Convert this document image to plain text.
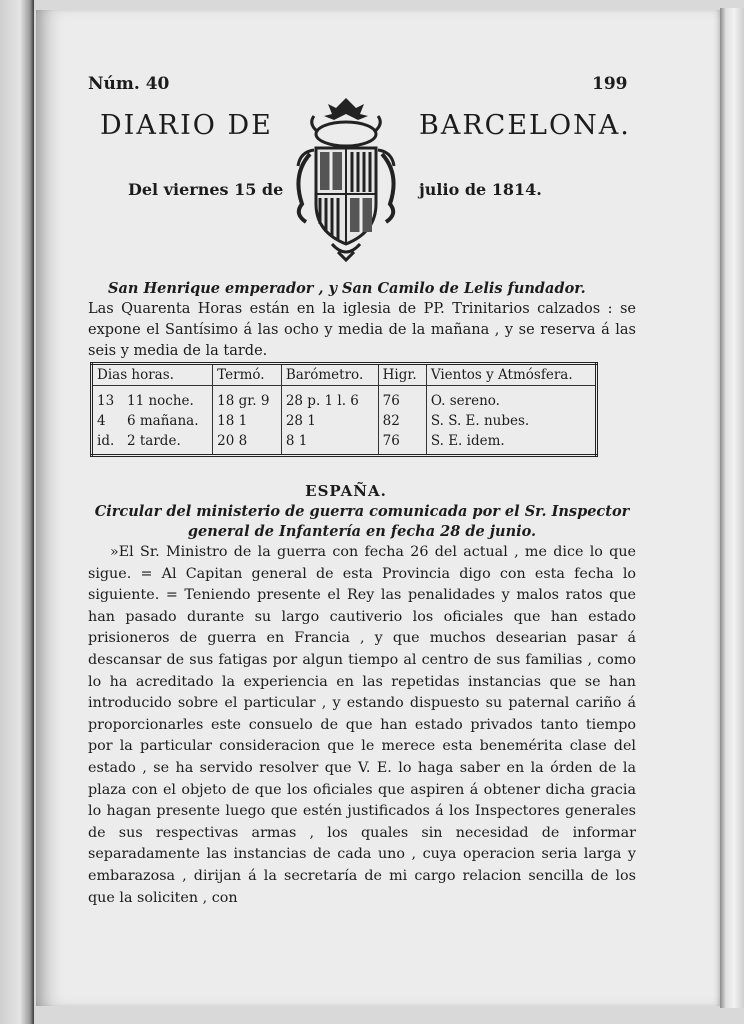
Núm. 40	199
DIARIO DE	BARCELONA.
Del viernes 15 de	julio de 1814.
San Henrique emperador , y San Camilo de Lelis fundador.
Las Quarenta Horas están en la iglesia de PP. Trinitarios calzados : se expone el Santísimo á las ocho y media de la mañana , y se reserva á las seis y media de la tarde.
Dias horas.		Termó.	Barómetro.	Higr.	Vientos y Atmósfera.
13	11 noche.	18 gr. 9	28 p. 1 l. 6	76	O. sereno.
4	6 mañana.	18 1	28 1	82	S. S. E. nubes.
id.	2 tarde.	20 8	8 1	76	S. E. idem.
ESPAÑA.
Circular del ministerio de guerra comunicada por el Sr. Inspector general de Infantería en fecha 28 de junio.
»El Sr. Ministro de la guerra con fecha 26 del actual , me dice lo que sigue. = Al Capitan general de esta Provincia digo con esta fecha lo siguiente. = Teniendo presente el Rey las penalidades y malos ratos que han pasado durante su largo cautiverio los oficiales que han estado prisioneros de guerra en Francia , y que muchos desearian pasar á descansar de sus fatigas por algun tiempo al centro de sus familias , como lo ha acreditado la experiencia en las repetidas instancias que se han introducido sobre el particular , y estando dispuesto su paternal cariño á proporcionarles este consuelo de que han estado privados tanto tiempo por la particular consideracion que le merece esta benemérita clase del estado , se ha servido resolver que V. E. lo haga saber en la órden de la plaza con el objeto de que los oficiales que aspiren á obtener dicha gracia lo hagan presente luego que estén justificados á los Inspectores generales de sus respectivas armas , los quales sin necesidad de informar separadamente las instancias de cada uno , cuya operacion seria larga y embarazosa , dirijan á la secretaría de mi cargo relacion sencilla de los que la soliciten , con
